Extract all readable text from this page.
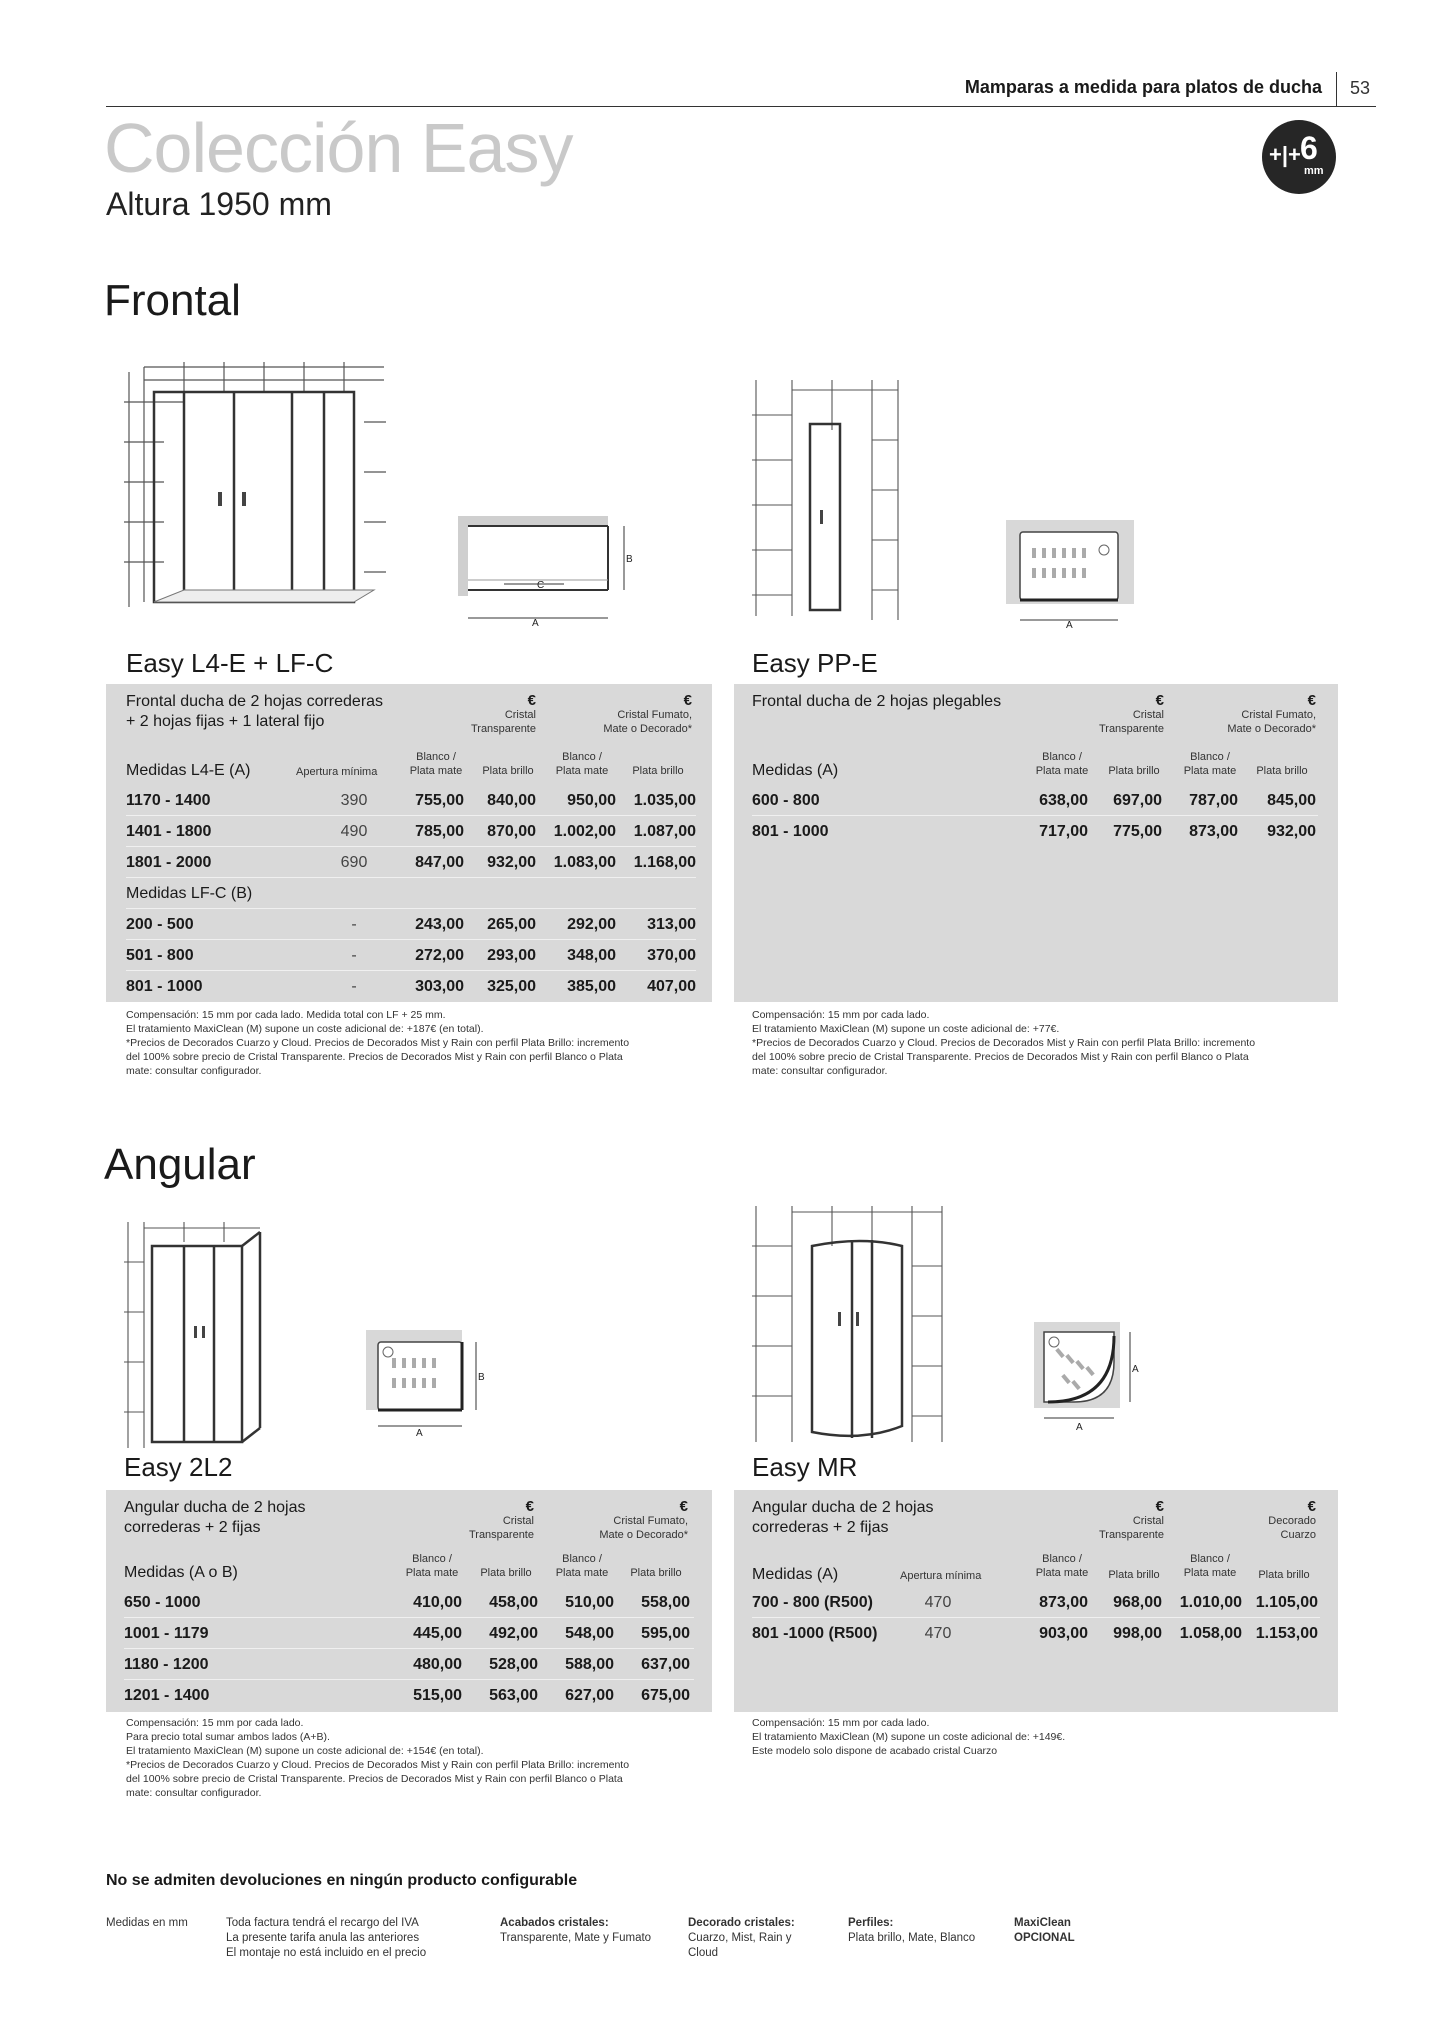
Mamparas a medida para platos de ducha 53
Colección Easy
Altura 1950 mm
+|+ 6
mm
Frontal
Angular
C
A
B
A
B
A
A
A
Easy L4-E + LF-C	Easy PP-E
Easy 2L2	Easy MR
Frontal ducha de 2 hojas correderas
+ 2 hojas fijas + 1 lateral fijo
€
Cristal
Transparente
€
Cristal Fumato,
Mate o Decorado*
Medidas L4-E (A)	Apertura mínima
Blanco /
Plata mate	Plata brillo
Blanco /
Plata mate	Plata brillo
1170 - 1400	390	755,00	840,00	950,00	1.035,00
1401 - 1800	490	785,00	870,00	1.002,00	1.087,00
1801 - 2000	690	847,00	932,00	1.083,00	1.168,00
Medidas LF-C (B)
200 - 500	-	243,00	265,00	292,00	313,00
501 - 800	-	272,00	293,00	348,00	370,00
801 - 1000	-	303,00	325,00	385,00	407,00
Compensación: 15 mm por cada lado. Medida total con LF + 25 mm.
El tratamiento MaxiClean (M) supone un coste adicional de: +187€ (en total).
*Precios de Decorados Cuarzo y Cloud. Precios de Decorados Mist y Rain con perfil Plata Brillo: incremento
del 100% sobre precio de Cristal Transparente. Precios de Decorados Mist y Rain con perfil Blanco o Plata
mate: consultar configurador.
Frontal ducha de 2 hojas plegables	€
Cristal
Transparente
€
Cristal Fumato,
Mate o Decorado*
Medidas (A)
Blanco /
Plata mate	Plata brillo
Blanco /
Plata mate	Plata brillo
600 - 800	638,00	697,00	787,00	845,00
801 - 1000	717,00	775,00	873,00	932,00
Compensación: 15 mm por cada lado.
El tratamiento MaxiClean (M) supone un coste adicional de: +77€.
*Precios de Decorados Cuarzo y Cloud. Precios de Decorados Mist y Rain con perfil Plata Brillo: incremento
del 100% sobre precio de Cristal Transparente. Precios de Decorados Mist y Rain con perfil Blanco o Plata
mate: consultar configurador.
Angular ducha de 2 hojas
correderas + 2 fijas
€
Cristal
Transparente
€
Cristal Fumato,
Mate o Decorado*
Medidas (A o B)
Blanco /
Plata mate	Plata brillo
Blanco /
Plata mate	Plata brillo
650 - 1000	410,00	458,00	510,00	558,00
1001 - 1179	445,00	492,00	548,00	595,00
1180 - 1200	480,00	528,00	588,00	637,00
1201 - 1400	515,00	563,00	627,00	675,00
Compensación: 15 mm por cada lado.
Para precio total sumar ambos lados (A+B).
El tratamiento MaxiClean (M) supone un coste adicional de: +154€ (en total).
*Precios de Decorados Cuarzo y Cloud. Precios de Decorados Mist y Rain con perfil Plata Brillo: incremento
del 100% sobre precio de Cristal Transparente. Precios de Decorados Mist y Rain con perfil Blanco o Plata
mate: consultar configurador.
Angular ducha de 2 hojas
correderas + 2 fijas
€
Cristal
Transparente
€
Decorado
Cuarzo
Medidas (A)	Apertura mínima
Blanco /
Plata mate	Plata brillo
Blanco /
Plata mate	Plata brillo
700 - 800 (R500)	470	873,00	968,00	1.010,00 1.105,00
801 -1000 (R500)	470	903,00	998,00	1.058,00 1.153,00
Compensación: 15 mm por cada lado.
El tratamiento MaxiClean (M) supone un coste adicional de: +149€.
Este modelo solo dispone de acabado cristal Cuarzo
No se admiten devoluciones en ningún producto configurable
Medidas en mm	Toda factura tendrá el recargo del IVA
La presente tarifa anula las anteriores
El montaje no está incluido en el precio
Acabados cristales:
Transparente, Mate y Fumato
Decorado cristales:
Cuarzo, Mist, Rain y
Cloud
Perfiles:
Plata brillo, Mate, Blanco
MaxiClean
OPCIONAL
